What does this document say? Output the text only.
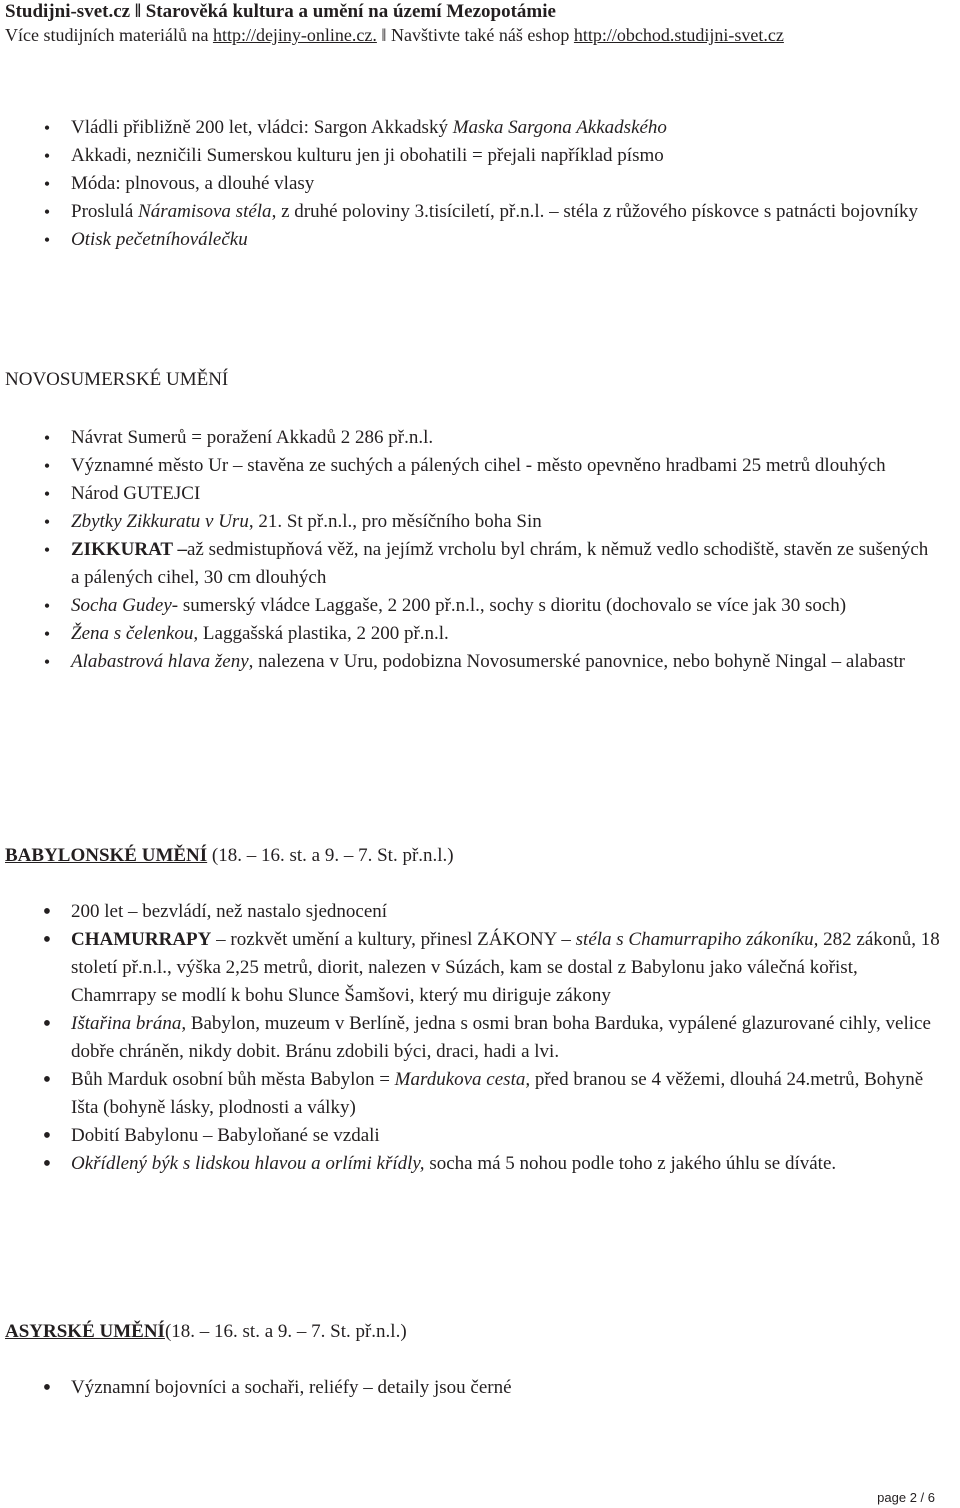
Studijni-svet.cz ‖ Starověká kultura a umění na území Mezopotámie
Více studijních materiálů na http://dejiny-online.cz. ‖ Navštivte také náš eshop http://obchod.studijni-svet.cz
•
Vládli přibližně 200 let, vládci: Sargon Akkadský Maska Sargona Akkadského
•
Akkadi, nezničili Sumerskou kulturu jen ji obohatili = přejali například písmo
•
Móda: plnovous, a dlouhé vlasy
•
Proslulá Náramisova stéla, z druhé poloviny 3.tisíciletí, př.n.l. – stéla z růžového pískovce s patnácti bojovníky
•
Otisk pečetníhoválečku
NOVOSUMERSKÉ UMĚNÍ
•
Návrat Sumerů = poražení Akkadů 2 286 př.n.l.
•
Významné město Ur – stavěna ze suchých a pálených cihel - město opevněno hradbami 25 metrů dlouhých
•
Národ GUTEJCI
•
Zbytky Zikkuratu v Uru, 21. St př.n.l., pro měsíčního boha Sin
•
ZIKKURAT –až sedmistupňová věž, na jejímž vrcholu byl chrám, k němuž vedlo schodiště, stavěn ze sušených a pálených cihel, 30 cm dlouhých
•
Socha Gudey- sumerský vládce Laggaše, 2 200 př.n.l., sochy s dioritu (dochovalo se více jak 30 soch)
•
Žena s čelenkou, Laggašská plastika, 2 200 př.n.l.
•
Alabastrová hlava ženy, nalezena v Uru, podobizna Novosumerské panovnice, nebo bohyně Ningal – alabastr
BABYLONSKÉ UMĚNÍ (18. – 16. st. a 9. – 7. St. př.n.l.)
•
200 let – bezvládí, než nastalo sjednocení
•
CHAMURRAPY – rozkvět umění a kultury, přinesl ZÁKONY – stéla s Chamurrapiho zákoníku, 282 zákonů, 18 století př.n.l., výška 2,25 metrů, diorit, nalezen v Súzách, kam se dostal z Babylonu jako válečná kořist, Chamrrapy se modlí k bohu Slunce Šamšovi, který mu diriguje zákony
•
Ištařina brána, Babylon, muzeum v Berlíně, jedna s osmi bran boha Barduka, vypálené glazurované cihly, velice dobře chráněn, nikdy dobit. Bránu zdobili býci, draci, hadi a lvi.
•
Bůh Marduk osobní bůh města Babylon = Mardukova cesta, před branou se 4 věžemi, dlouhá 24.metrů, Bohyně Išta (bohyně lásky, plodnosti a války)
•
Dobití Babylonu – Babyloňané se vzdali
•
Okřídlený býk s lidskou hlavou a orlími křídly, socha má 5 nohou podle toho z jakého úhlu se díváte.
ASYRSKÉ UMĚNÍ(18. – 16. st. a 9. – 7. St. př.n.l.)
•
Významní bojovníci a sochaři, reliéfy – detaily jsou černé
page 2 / 6
